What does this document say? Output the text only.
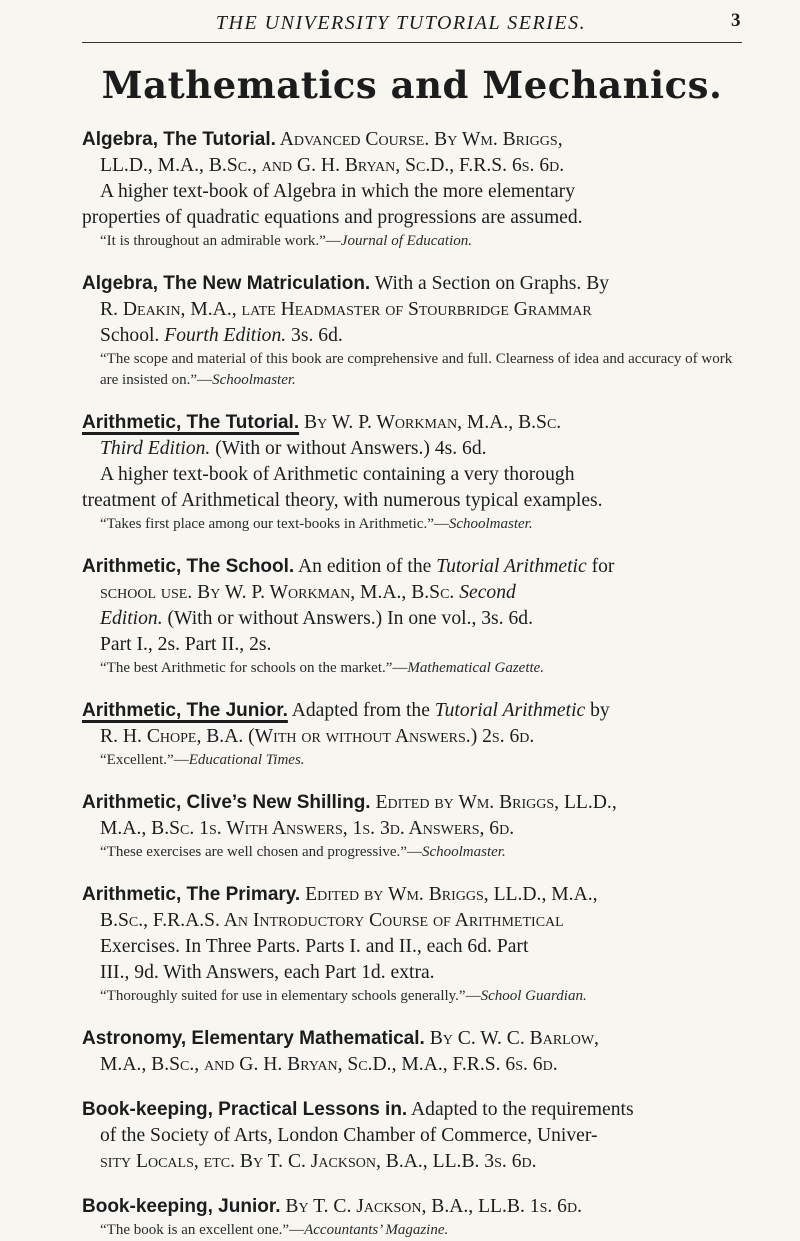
THE UNIVERSITY TUTORIAL SERIES.	3
Mathematics and Mechanics.

Algebra, The Tutorial. Advanced Course. By Wm. Briggs,

LL.D., M.A., B.Sc., and G. H. Bryan, Sc.D., F.R.S. 6s. 6d.

A higher text-book of Algebra in which the more elementary

properties of quadratic equations and progressions are assumed.

“It is throughout an admirable work.”—Journal of Education.

Algebra, The New Matriculation. With a Section on Graphs. By

R. Deakin, M.A., late Headmaster of Stourbridge Grammar

School. Fourth Edition. 3s. 6d.

“The scope and material of this book are comprehensive and full. Clearness of idea and accuracy of work are insisted on.”—Schoolmaster.

Arithmetic, The Tutorial. By W. P. Workman, M.A., B.Sc.

Third Edition. (With or without Answers.) 4s. 6d.

A higher text-book of Arithmetic containing a very thorough

treatment of Arithmetical theory, with numerous typical examples.

“Takes first place among our text-books in Arithmetic.”—Schoolmaster.

Arithmetic, The School. An edition of the Tutorial Arithmetic for

school use. By W. P. Workman, M.A., B.Sc. Second

Edition. (With or without Answers.) In one vol., 3s. 6d.

Part I., 2s. Part II., 2s.

“The best Arithmetic for schools on the market.”—Mathematical Gazette.

Arithmetic, The Junior. Adapted from the Tutorial Arithmetic by

R. H. Chope, B.A. (With or without Answers.) 2s. 6d.

“Excellent.”—Educational Times.

Arithmetic, Clive’s New Shilling. Edited by Wm. Briggs, LL.D.,

M.A., B.Sc. 1s. With Answers, 1s. 3d. Answers, 6d.

“These exercises are well chosen and progressive.”—Schoolmaster.

Arithmetic, The Primary. Edited by Wm. Briggs, LL.D., M.A.,

B.Sc., F.R.A.S. An Introductory Course of Arithmetical

Exercises. In Three Parts. Parts I. and II., each 6d. Part

III., 9d. With Answers, each Part 1d. extra.

“Thoroughly suited for use in elementary schools generally.”—School Guardian.

Astronomy, Elementary Mathematical. By C. W. C. Barlow,

M.A., B.Sc., and G. H. Bryan, Sc.D., M.A., F.R.S. 6s. 6d.

Book-keeping, Practical Lessons in. Adapted to the requirements

of the Society of Arts, London Chamber of Commerce, Univer-

sity Locals, etc. By T. C. Jackson, B.A., LL.B. 3s. 6d.

Book-keeping, Junior. By T. C. Jackson, B.A., LL.B. 1s. 6d.

“The book is an excellent one.”—Accountants’ Magazine.
